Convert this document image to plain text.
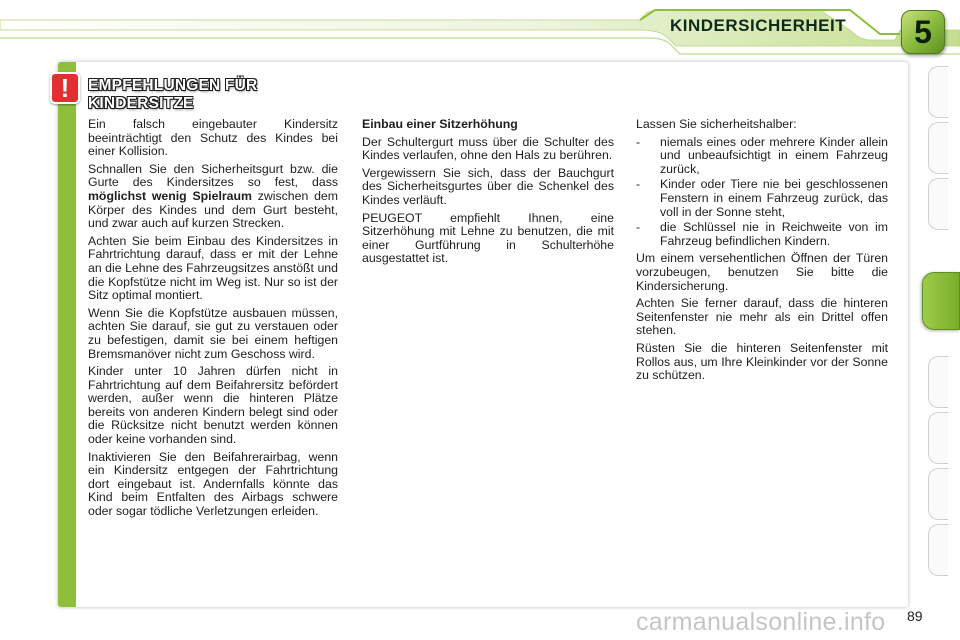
KINDERSICHERHEIT 5
! EMPFEHLUNGEN FÜR
KINDERSITZE

Ein falsch eingebauter Kindersitz beeinträchtigt den Schutz des Kindes bei einer Kollision.

Schnallen Sie den Sicherheitsgurt bzw. die Gurte des Kindersitzes so fest, dass möglichst wenig Spielraum zwischen dem Körper des Kindes und dem Gurt besteht, und zwar auch auf kurzen Strecken.

Achten Sie beim Einbau des Kindersitzes in Fahrtrichtung darauf, dass er mit der Lehne an die Lehne des Fahrzeugsitzes anstößt und die Kopfstütze nicht im Weg ist. Nur so ist der Sitz optimal montiert.

Wenn Sie die Kopfstütze ausbauen müssen, achten Sie darauf, sie gut zu verstauen oder zu befestigen, damit sie bei einem heftigen Bremsmanöver nicht zum Geschoss wird.

Kinder unter 10 Jahren dürfen nicht in Fahrtrichtung auf dem Beifahrersitz befördert werden, außer wenn die hinteren Plätze bereits von anderen Kindern belegt sind oder die Rücksitze nicht benutzt werden können oder keine vorhanden sind.

Inaktivieren Sie den Beifahrerairbag, wenn ein Kindersitz entgegen der Fahrtrichtung dort eingebaut ist. Andernfalls könnte das Kind beim Entfalten des Airbags schwere oder sogar tödliche Verletzungen erleiden.

Einbau einer Sitzerhöhung

Der Schultergurt muss über die Schulter des Kindes verlaufen, ohne den Hals zu berühren.

Vergewissern Sie sich, dass der Bauchgurt des Sicherheitsgurtes über die Schenkel des Kindes verläuft.

PEUGEOT empfiehlt Ihnen, eine Sitzerhöhung mit Lehne zu benutzen, die mit einer Gurtführung in Schulterhöhe ausgestattet ist.

Lassen Sie sicherheitshalber:

-	niemals eines oder mehrere Kinder allein und unbeaufsichtigt in einem Fahrzeug zurück,
-	Kinder oder Tiere nie bei geschlossenen Fenstern in einem Fahrzeug zurück, das voll in der Sonne steht,
-	die Schlüssel nie in Reichweite von im Fahrzeug befindlichen Kindern.

Um einem versehentlichen Öffnen der Türen vorzubeugen, benutzen Sie bitte die Kindersicherung.

Achten Sie ferner darauf, dass die hinteren Seitenfenster nie mehr als ein Drittel offen stehen.

Rüsten Sie die hinteren Seitenfenster mit Rollos aus, um Ihre Kleinkinder vor der Sonne zu schützen.

carmanualsonline.info 89
